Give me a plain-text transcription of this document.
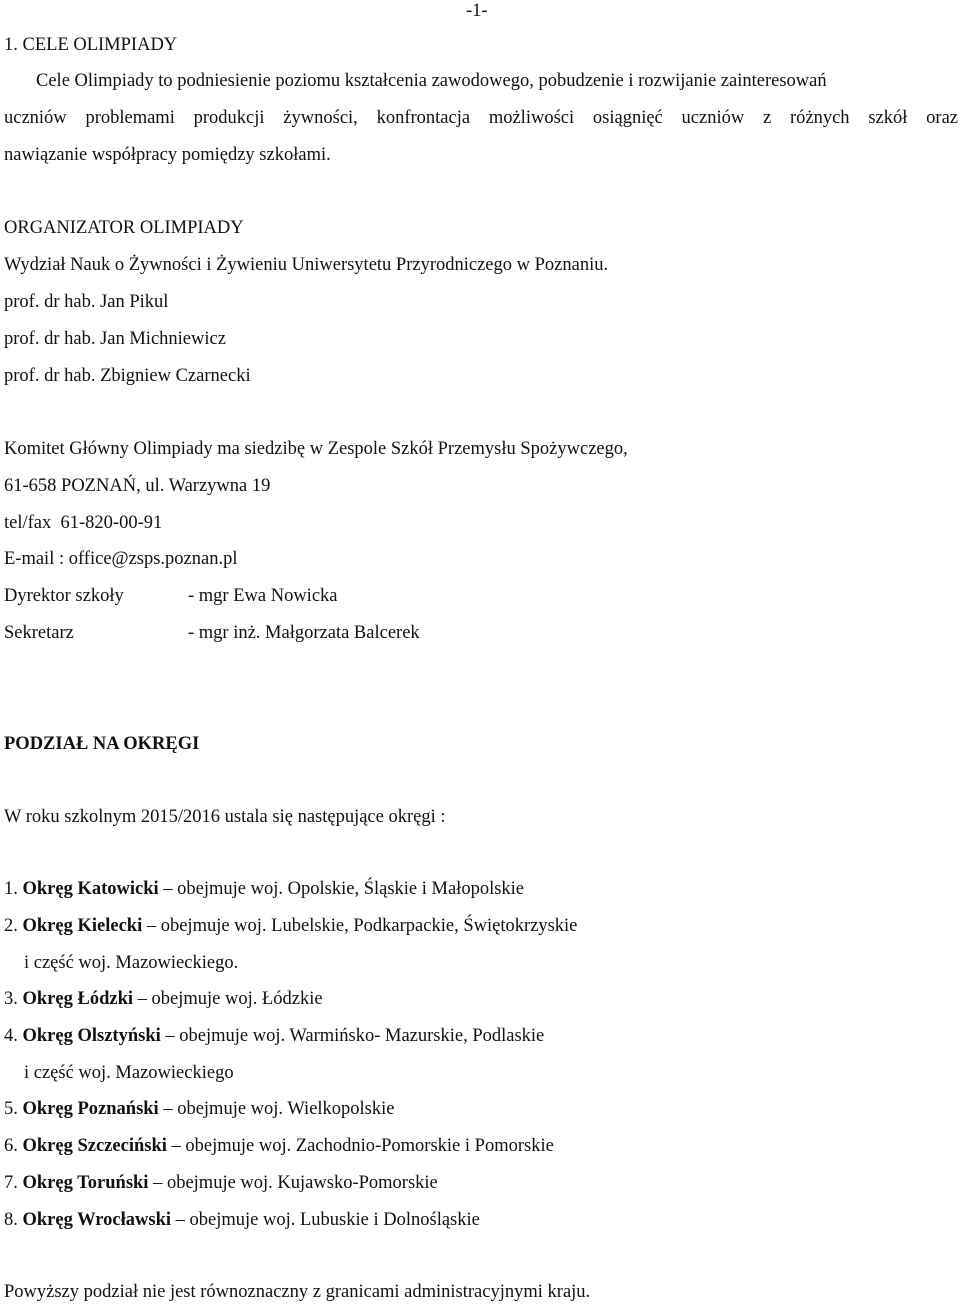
-1-
1. CELE OLIMPIADY
Cele Olimpiady to podniesienie poziomu kształcenia zawodowego, pobudzenie i rozwijanie zainteresowań
uczniów problemami produkcji żywności, konfrontacja możliwości osiągnięć uczniów z różnych szkół oraz
nawiązanie współpracy pomiędzy szkołami.
ORGANIZATOR OLIMPIADY
Wydział Nauk o Żywności i Żywieniu Uniwersytetu Przyrodniczego w Poznaniu.
prof. dr hab. Jan Pikul
prof. dr hab. Jan Michniewicz
prof. dr hab. Zbigniew Czarnecki
Komitet Główny Olimpiady ma siedzibę w Zespole Szkół Przemysłu Spożywczego,
61-658 POZNAŃ, ul. Warzywna 19
tel/fax  61-820-00-91
E-mail : office@zsps.poznan.pl
Dyrektor szkoły	- mgr Ewa Nowicka
Sekretarz	- mgr inż. Małgorzata Balcerek
PODZIAŁ NA OKRĘGI
W roku szkolnym 2015/2016 ustala się następujące okręgi :
1. Okręg Katowicki – obejmuje woj. Opolskie, Śląskie i Małopolskie
2. Okręg Kielecki – obejmuje woj. Lubelskie, Podkarpackie, Świętokrzyskie
i część woj. Mazowieckiego.
3. Okręg Łódzki – obejmuje woj. Łódzkie
4. Okręg Olsztyński – obejmuje woj. Warmińsko- Mazurskie, Podlaskie
i część woj. Mazowieckiego
5. Okręg Poznański – obejmuje woj. Wielkopolskie
6. Okręg Szczeciński – obejmuje woj. Zachodnio-Pomorskie i Pomorskie
7. Okręg Toruński – obejmuje woj. Kujawsko-Pomorskie
8. Okręg Wrocławski – obejmuje woj. Lubuskie i Dolnośląskie
Powyższy podział nie jest równoznaczny z granicami administracyjnymi kraju.
